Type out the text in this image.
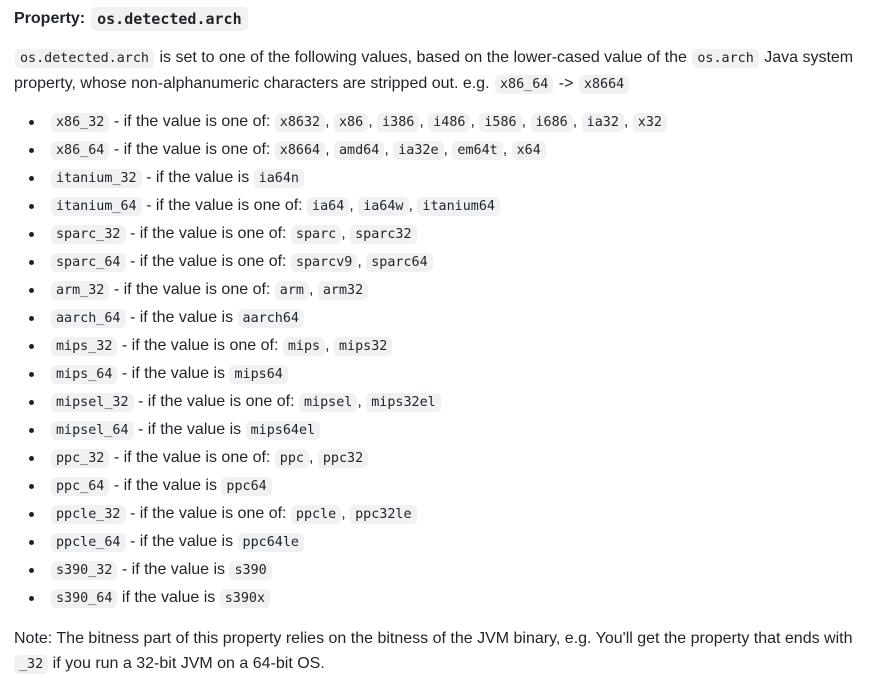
Property: os.detected.arch
os.detected.arch is set to one of the following values, based on the lower-cased value of the os.arch Java system property, whose non-alphanumeric characters are stripped out. e.g. x86_64 -> x8664
x86_32 - if the value is one of: x8632 , x86 , i386 , i486 , i586 , i686 , ia32 , x32
x86_64 - if the value is one of: x8664 , amd64 , ia32e , em64t , x64
itanium_32 - if the value is ia64n
itanium_64 - if the value is one of: ia64 , ia64w , itanium64
sparc_32 - if the value is one of: sparc , sparc32
sparc_64 - if the value is one of: sparcv9 , sparc64
arm_32 - if the value is one of: arm , arm32
aarch_64 - if the value is aarch64
mips_32 - if the value is one of: mips , mips32
mips_64 - if the value is mips64
mipsel_32 - if the value is one of: mipsel , mips32el
mipsel_64 - if the value is mips64el
ppc_32 - if the value is one of: ppc , ppc32
ppc_64 - if the value is ppc64
ppcle_32 - if the value is one of: ppcle , ppc32le
ppcle_64 - if the value is ppc64le
s390_32 - if the value is s390
s390_64 if the value is s390x
Note: The bitness part of this property relies on the bitness of the JVM binary, e.g. You'll get the property that ends with _32 if you run a 32-bit JVM on a 64-bit OS.
